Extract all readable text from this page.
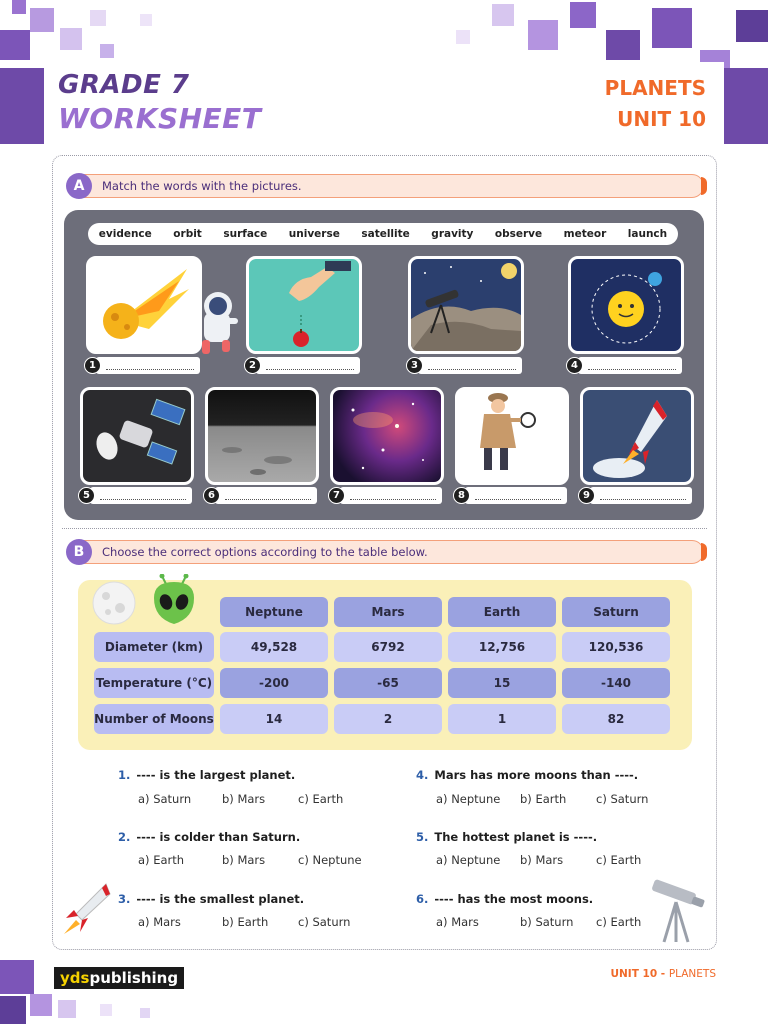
GRADE 7
WORKSHEET
PLANETS
UNIT 10
A	Match the words with the pictures.
evidence orbit surface universe satellite gravity observe meteor launch
1	2	3	4
5	6	7	8	9
B	Choose the correct options according to the table below.
Neptune	Mars	Earth	Saturn
Diameter (km)	49,528	6792	12,756	120,536
Temperature (°C)	-200	-65	15	-140
Number of Moons	14	2	1	82
1. ---- is the largest planet.
a) Saturn	b) Mars	c) Earth
2. ---- is colder than Saturn.
a) Earth	b) Mars	c) Neptune
3. ---- is the smallest planet.
a) Mars	b) Earth	c) Saturn
4. Mars has more moons than ----.
a) Neptune b) Earth	c) Saturn
5. The hottest planet is ----.
a) Neptune b) Mars	c) Earth
6. ---- has the most moons.
a) Mars	b) Saturn c) Earth
yds publishing	UNIT 10 - PLANETS
